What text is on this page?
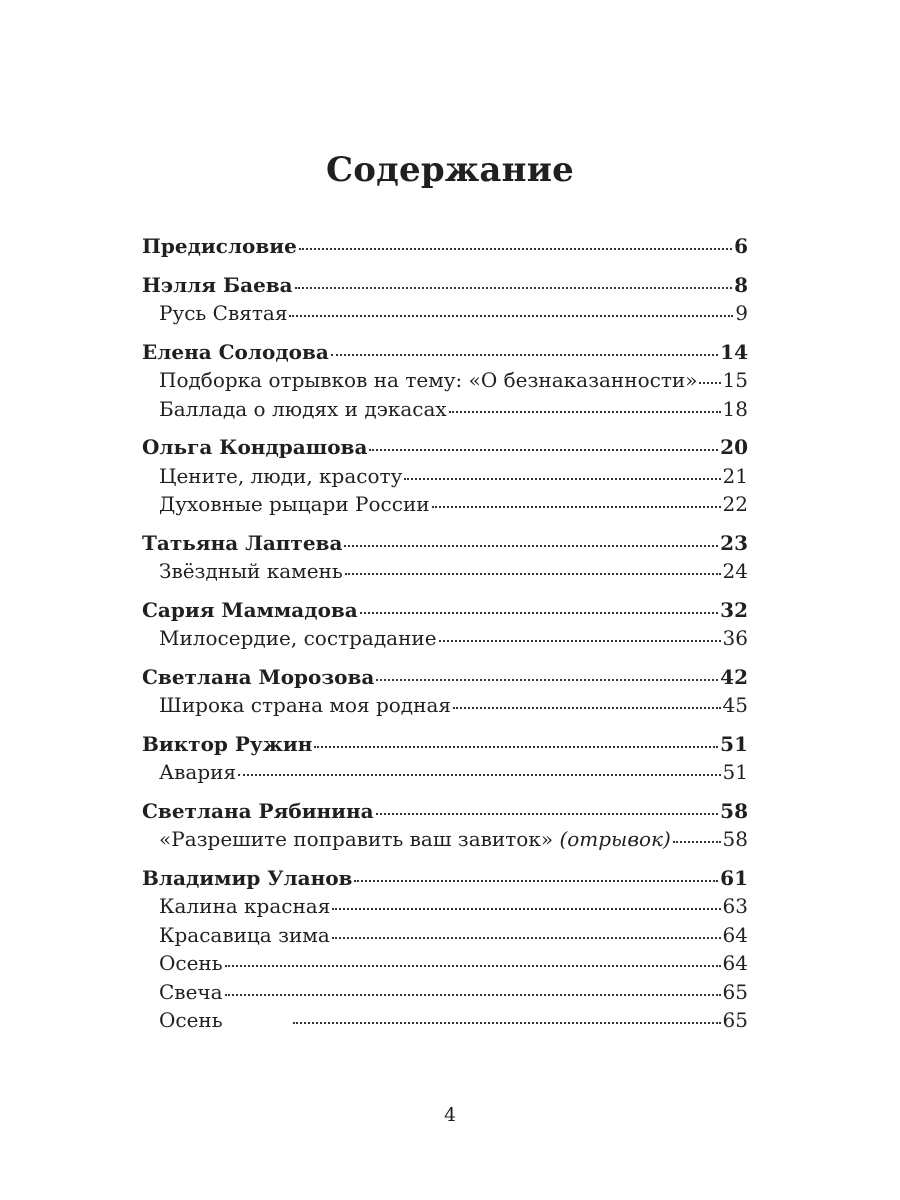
Содержание
Предисловие	6
Нэлля Баева	8
Русь Святая	9
Елена Солодова	14
Подборка отрывков на тему: «О безнаказанности» 15
Баллада о людях и дэкасах	18
Ольга Кондрашова	20
Цените, люди, красоту	21
Духовные рыцари России	22
Татьяна Лаптева	23
Звёздный камень	24
Сария Маммадова	32
Милосердие, сострадание	36
Светлана Морозова	42
Широка страна моя родная	45
Виктор Ружин	51
Авария	51
Светлана Рябинина	58
«Разрешите поправить ваш завиток» (отрывок)	58
Владимир Уланов	61
Калина красная	63
Красавица зима	64
Осень	64
Свеча	65
Осень	65
4
